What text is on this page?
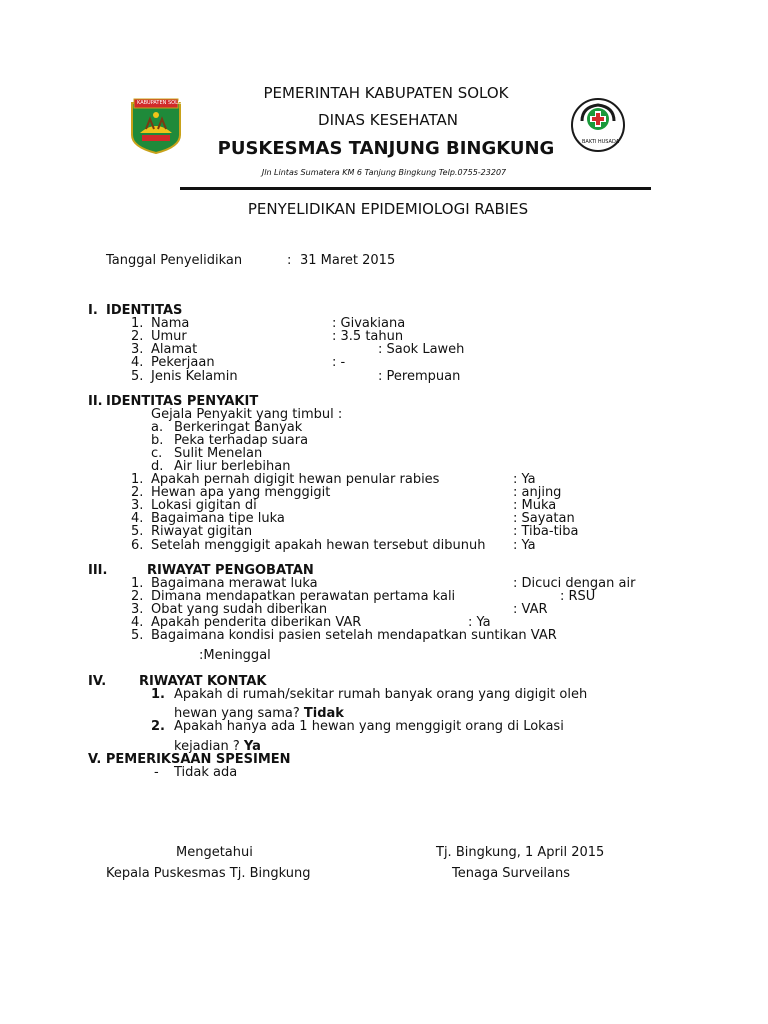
KABUPATEN SOLOK
BAKTI HUSADA
PEMERINTAH KABUPATEN SOLOK
DINAS KESEHATAN
PUSKESMAS TANJUNG BINGKUNG
Jln Lintas Sumatera KM 6 Tanjung Bingkung Telp.0755-23207
PENYELIDIKAN EPIDEMIOLOGI RABIES
Tanggal Penyelidikan	: 31 Maret 2015
I. IDENTITAS
1. Nama	: Givakiana
2. Umur	: 3.5 tahun
3. Alamat	: Saok Laweh
4. Pekerjaan	: -
5. Jenis Kelamin	: Perempuan
II. IDENTITAS PENYAKIT
Gejala Penyakit yang timbul :
a. Berkeringat Banyak
b. Peka terhadap suara
c. Sulit Menelan
d. Air liur berlebihan
1. Apakah pernah digigit hewan penular rabies	: Ya
2. Hewan apa yang menggigit	: anjing
3. Lokasi gigitan di	: Muka
4. Bagaimana tipe luka	: Sayatan
5. Riwayat gigitan	: Tiba-tiba
6. Setelah menggigit apakah hewan tersebut dibunuh : Ya
III.	RIWAYAT PENGOBATAN
1. Bagaimana merawat luka	: Dicuci dengan air
2. Dimana mendapatkan perawatan pertama kali	: RSU
3. Obat yang sudah diberikan	: VAR
4. Apakah penderita diberikan VAR	: Ya
5. Bagaimana kondisi pasien setelah mendapatkan suntikan VAR
:Meninggal
IV.	RIWAYAT KONTAK
1. Apakah di rumah/sekitar rumah banyak orang yang digigit oleh
hewan yang sama? Tidak
2. Apakah hanya ada 1 hewan yang menggigit orang di Lokasi
kejadian ? Ya
V. PEMERIKSAAN SPESIMEN
- Tidak ada
Mengetahui	Tj. Bingkung, 1 April 2015
Kepala Puskesmas Tj. Bingkung	Tenaga Surveilans
